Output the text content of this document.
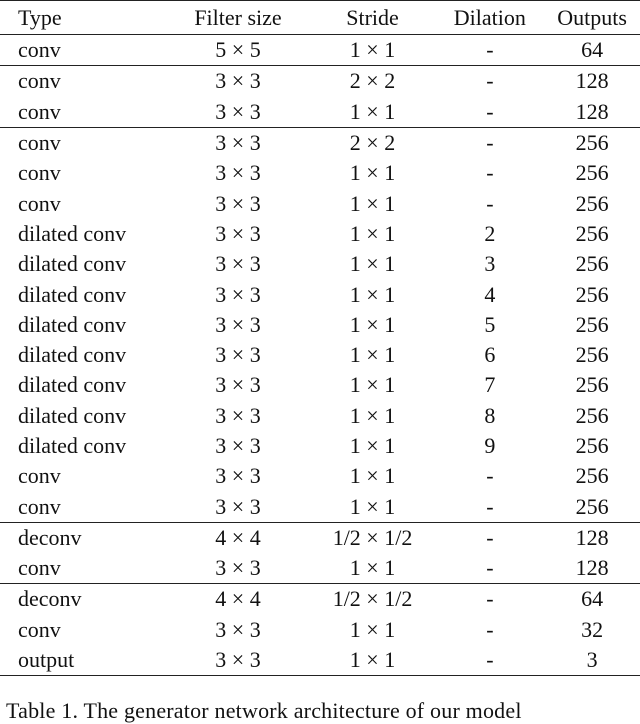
Type	Filter size	Stride	Dilation	Outputs
conv	5 × 5	1 × 1	-	64
conv	3 × 3	2 × 2	-	128
conv	3 × 3	1 × 1	-	128
conv	3 × 3	2 × 2	-	256
conv	3 × 3	1 × 1	-	256
conv	3 × 3	1 × 1	-	256
dilated conv	3 × 3	1 × 1	2	256
dilated conv	3 × 3	1 × 1	3	256
dilated conv	3 × 3	1 × 1	4	256
dilated conv	3 × 3	1 × 1	5	256
dilated conv	3 × 3	1 × 1	6	256
dilated conv	3 × 3	1 × 1	7	256
dilated conv	3 × 3	1 × 1	8	256
dilated conv	3 × 3	1 × 1	9	256
conv	3 × 3	1 × 1	-	256
conv	3 × 3	1 × 1	-	256
deconv	4 × 4	1/2 × 1/2	-	128
conv	3 × 3	1 × 1	-	128
deconv	4 × 4	1/2 × 1/2	-	64
conv	3 × 3	1 × 1	-	32
output	3 × 3	1 × 1	-	3
Table 1. The generator network architecture of our model
